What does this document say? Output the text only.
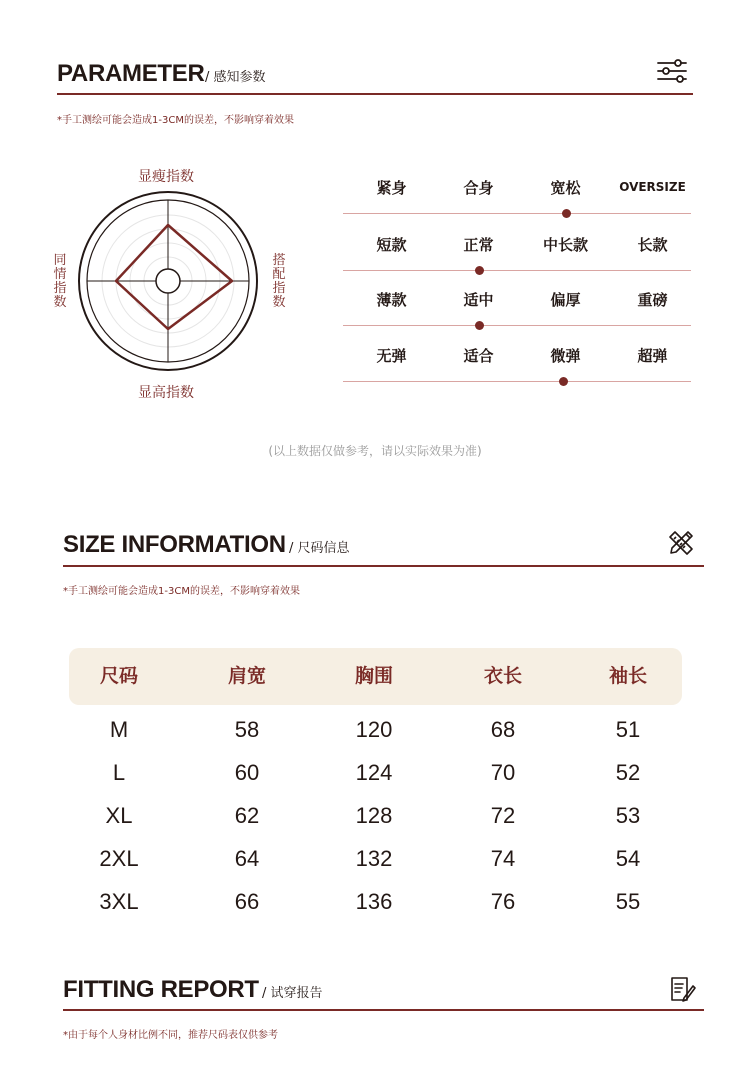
PARAMETER / 感知参数
*手工测绘可能会造成1-3CM的误差，不影响穿着效果
显瘦指数
显高指数
同情指数
搭配指数
紧身	合身	宽松	OVERSIZE
短款	正常	中长款	长款
薄款	适中	偏厚	重磅
无弹	适合	微弹	超弹
(以上数据仅做参考，请以实际效果为准)
SIZE INFORMATION / 尺码信息
*手工测绘可能会造成1-3CM的误差，不影响穿着效果
尺码	肩宽	胸围	衣长	袖长
M	58	120	68	51
L	60	124	70	52
XL	62	128	72	53
2XL	64	132	74	54
3XL	66	136	76	55
FITTING REPORT / 试穿报告
*由于每个人身材比例不同，推荐尺码表仅供参考
